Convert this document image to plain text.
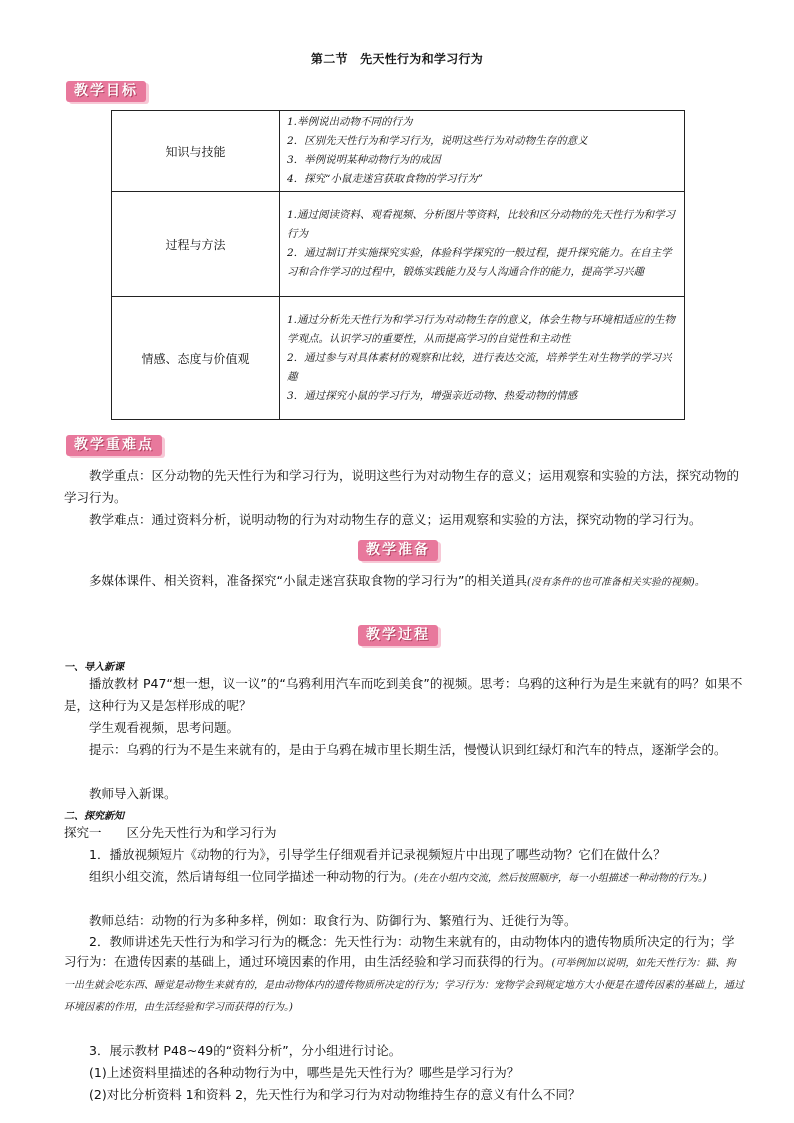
第二节　先天性行为和学习行为
教学目标
知识与技能	1.举例说出动物不同的行为
2．区别先天性行为和学习行为，说明这些行为对动物生存的意义
3．举例说明某种动物行为的成因
4．探究“小鼠走迷宫获取食物的学习行为”

过程与方法	1.通过阅读资料、观看视频、分析图片等资料，比较和区分动物的先天性行为和学习行为
2．通过制订并实施探究实验，体验科学探究的一般过程，提升探究能力。在自主学习和合作学习的过程中，锻炼实践能力及与人沟通合作的能力，提高学习兴趣

情感、态度与价值观	1.通过分析先天性行为和学习行为对动物生存的意义，体会生物与环境相适应的生物学观点。认识学习的重要性，从而提高学习的自觉性和主动性
2．通过参与对具体素材的观察和比较，进行表达交流，培养学生对生物学的学习兴趣
3．通过探究小鼠的学习行为，增强亲近动物、热爱动物的情感
教学重难点
教学重点：区分动物的先天性行为和学习行为，说明这些行为对动物生存的意义；运用观察和实验的方法，探究动物的学习行为。
教学难点：通过资料分析，说明动物的行为对动物生存的意义；运用观察和实验的方法，探究动物的学习行为。
教学准备
多媒体课件、相关资料，准备探究“小鼠走迷宫获取食物的学习行为”的相关道具(没有条件的也可准备相关实验的视频)。
教学过程
一、导入新课
播放教材 P47“想一想，议一议”的“乌鸦利用汽车而吃到美食”的视频。思考：乌鸦的这种行为是生来就有的吗？如果不是，这种行为又是怎样形成的呢？
学生观看视频，思考问题。
提示：乌鸦的行为不是生来就有的，是由于乌鸦在城市里长期生活，慢慢认识到红绿灯和汽车的特点，逐渐学会的。
教师导入新课。
二、探究新知
探究一　　区分先天性行为和学习行为
1．播放视频短片《动物的行为》，引导学生仔细观看并记录视频短片中出现了哪些动物？它们在做什么？
组织小组交流，然后请每组一位同学描述一种动物的行为。(先在小组内交流，然后按照顺序，每一小组描述一种动物的行为。)
教师总结：动物的行为多种多样，例如：取食行为、防御行为、繁殖行为、迁徙行为等。
2．教师讲述先天性行为和学习行为的概念：先天性行为：动物生来就有的，由动物体内的遗传物质所决定的行为；学习行为：在遗传因素的基础上，通过环境因素的作用，由生活经验和学习而获得的行为。(可举例加以说明，如先天性行为：猫、狗一出生就会吃东西、睡觉是动物生来就有的，是由动物体内的遗传物质所决定的行为；学习行为：宠物学会到规定地方大小便是在遗传因素的基础上，通过环境因素的作用，由生活经验和学习而获得的行为。)
3．展示教材 P48~49的“资料分析”，分小组进行讨论。
(1)上述资料里描述的各种动物行为中，哪些是先天性行为？哪些是学习行为？
(2)对比分析资料 1和资料 2，先天性行为和学习行为对动物维持生存的意义有什么不同？
